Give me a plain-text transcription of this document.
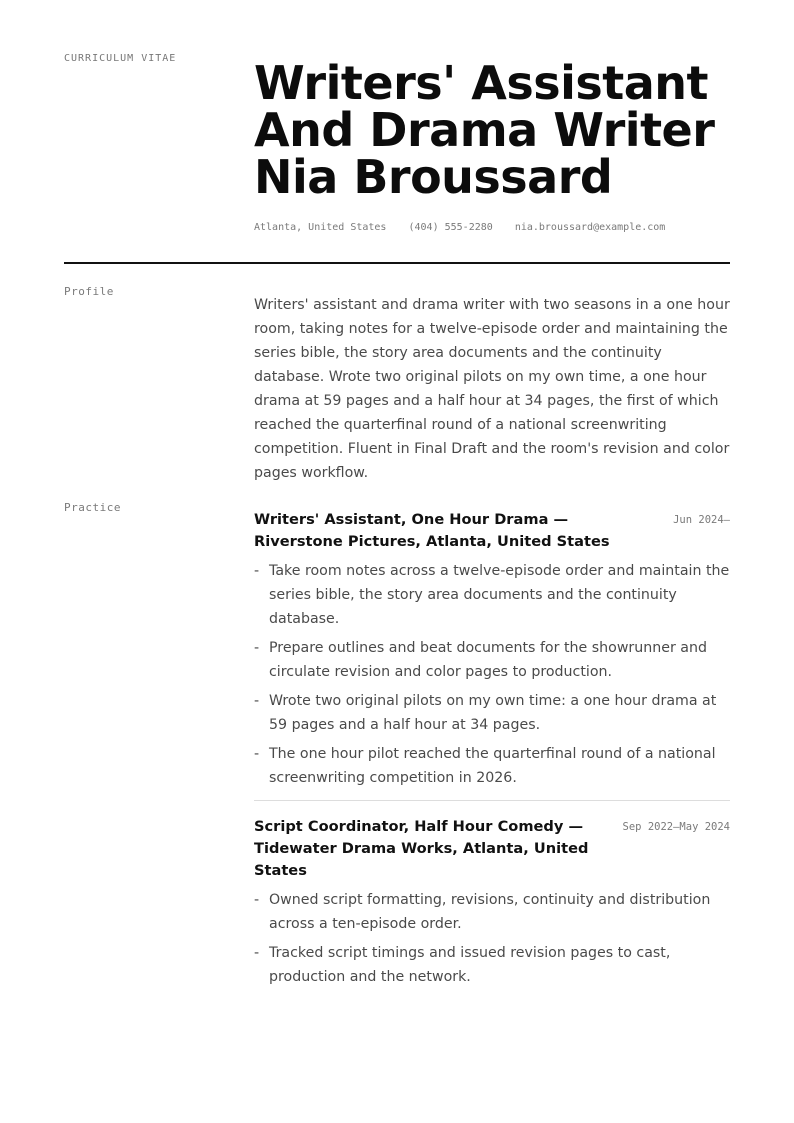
CURRICULUM VITAE Writers' Assistant
And Drama Writer
Nia Broussard
Atlanta, United States (404) 555-2280 nia.broussard@example.com
Profile

Writers' assistant and drama writer with two seasons in a one hour room, taking notes for a twelve-episode order and maintaining the series bible, the story area documents and the continuity database. Wrote two original pilots on my own time, a one hour drama at 59 pages and a half hour at 34 pages, the first of which reached the quarterfinal round of a national screenwriting competition. Fluent in Final Draft and the room's revision and color pages workflow.

Practice
Writers' Assistant, One Hour Drama — Riverstone Pictures, Atlanta, United States
Jun 2024–
- Take room notes across a twelve-episode order and maintain the series bible, the story area documents and the continuity database.
- Prepare outlines and beat documents for the showrunner and circulate revision and color pages to production.
- Wrote two original pilots on my own time: a one hour drama at 59 pages and a half hour at 34 pages.
- The one hour pilot reached the quarterfinal round of a national screenwriting competition in 2026.
Script Coordinator, Half Hour Comedy — Tidewater Drama Works, Atlanta, United States
Sep 2022–May 2024
- Owned script formatting, revisions, continuity and distribution across a ten-episode order.
- Tracked script timings and issued revision pages to cast, production and the network.
